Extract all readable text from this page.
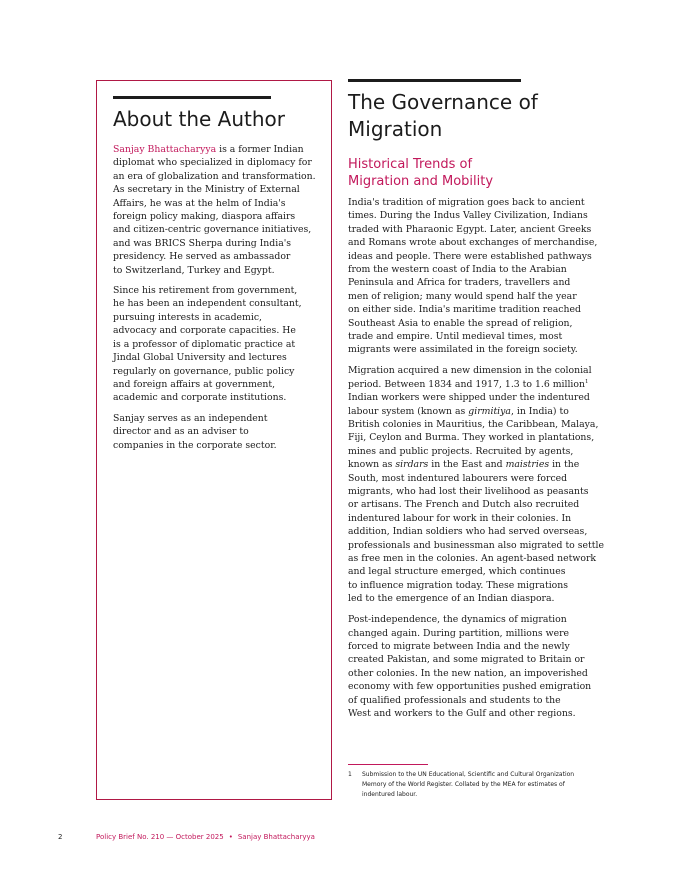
About the Author

Sanjay Bhattacharyya is a former Indian
diplomat who specialized in diplomacy for
an era of globalization and transformation.
As secretary in the Ministry of External
Affairs, he was at the helm of India's
foreign policy making, diaspora affairs
and citizen-centric governance initiatives,
and was BRICS Sherpa during India's
presidency. He served as ambassador
to Switzerland, Turkey and Egypt.

Since his retirement from government,
he has been an independent consultant,
pursuing interests in academic,
advocacy and corporate capacities. He
is a professor of diplomatic practice at
Jindal Global University and lectures
regularly on governance, public policy
and foreign affairs at government,
academic and corporate institutions.

Sanjay serves as an independent
director and as an adviser to
companies in the corporate sector.

The Governance of
Migration
Historical Trends of
Migration and Mobility

India's tradition of migration goes back to ancient
times. During the Indus Valley Civilization, Indians
traded with Pharaonic Egypt. Later, ancient Greeks
and Romans wrote about exchanges of merchandise,
ideas and people. There were established pathways
from the western coast of India to the Arabian
Peninsula and Africa for traders, travellers and
men of religion; many would spend half the year
on either side. India's maritime tradition reached
Southeast Asia to enable the spread of religion,
trade and empire. Until medieval times, most
migrants were assimilated in the foreign society.

Migration acquired a new dimension in the colonial
period. Between 1834 and 1917, 1.3 to 1.6 million$^1$
Indian workers were shipped under the indentured
labour system (known as girmitiya, in India) to
British colonies in Mauritius, the Caribbean, Malaya,
Fiji, Ceylon and Burma. They worked in plantations,
mines and public projects. Recruited by agents,
known as sirdars in the East and maistries in the
South, most indentured labourers were forced
migrants, who had lost their livelihood as peasants
or artisans. The French and Dutch also recruited
indentured labour for work in their colonies. In
addition, Indian soldiers who had served overseas,
professionals and businessman also migrated to settle
as free men in the colonies. An agent-based network
and legal structure emerged, which continues
to influence migration today. These migrations
led to the emergence of an Indian diaspora.

Post-independence, the dynamics of migration
changed again. During partition, millions were
forced to migrate between India and the newly
created Pakistan, and some migrated to Britain or
other colonies. In the new nation, an impoverished
economy with few opportunities pushed emigration
of qualified professionals and students to the
West and workers to the Gulf and other regions.

1 Submission to the UN Educational, Scientific and Cultural Organization
Memory of the World Register. Collated by the MEA for estimates of
indentured labour.
2	Policy Brief No. 210 — October 2025 • Sanjay Bhattacharyya
